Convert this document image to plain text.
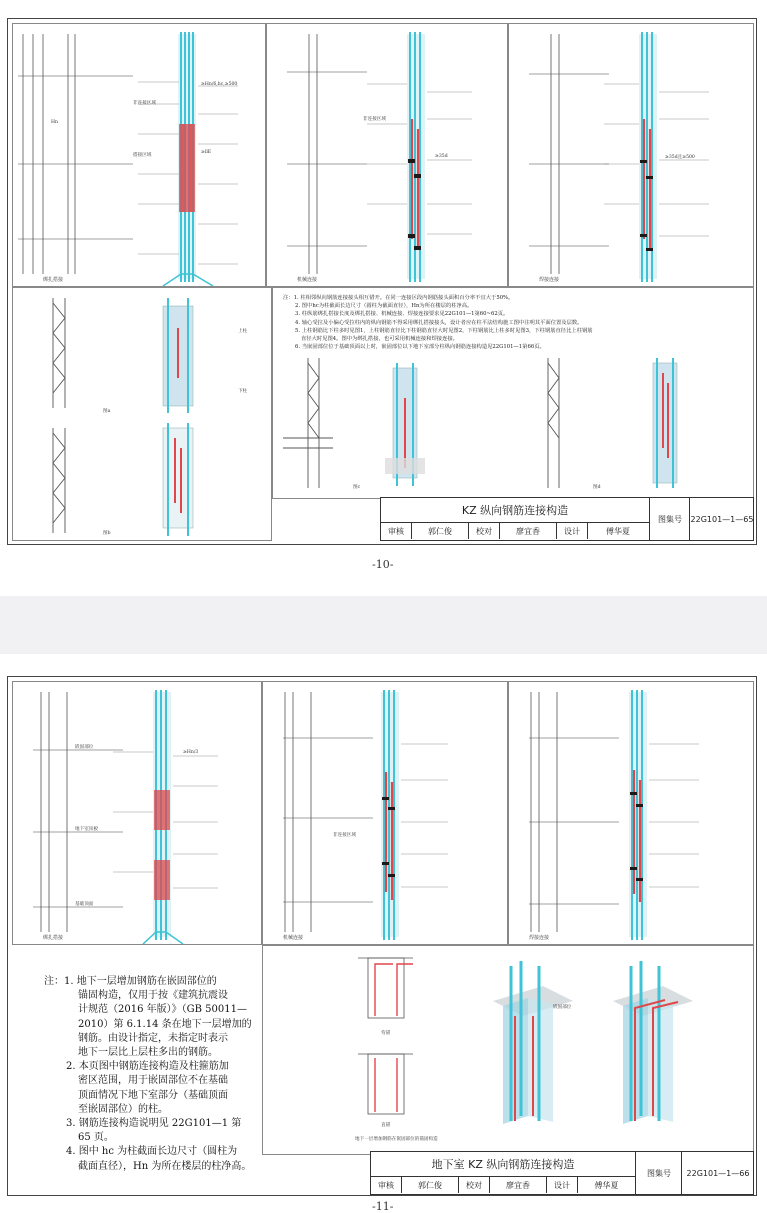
非连接区域
搭接区域
≥Hn/6,hc,≥500
≥llE
Hn
绑扎搭接
非连接区域
≥35d
机械连接
≥35d且≥500
焊接连接
上柱
下柱
图a
图b
注：1. 柱相邻纵向钢筋连接接头相互错开。在同一连接区段内钢筋接头面积百分率不宜大于50%。
2. 图中hc为柱截面长边尺寸（圆柱为截面直径），Hn为所在楼层的柱净高。
3. 柱纵筋绑扎搭接长度及绑扎搭接、机械连接、焊接连接要求见22G101—1第60~62页。
4. 轴心受拉及小偏心受拉柱内的纵向钢筋不得采用绑扎搭接接头，设计者应在柱平法结构施工图中注明其平面位置及层数。
5. 上柱钢筋比下柱多时见图1，上柱钢筋直径比下柱钢筋直径大时见图2，下柱钢筋比上柱多时见图3，下柱钢筋直径比上柱钢筋
直径大时见图4。图中为绑扎搭接，也可采用机械连接和焊接连接。
6. 当嵌固部位位于基础顶面以上时，嵌固部位以下地下室部分柱纵向钢筋连接构造见22G101—1第66页。
图c	图d
KZ 纵向钢筋连接构造
图集号	22G101—1—65
审核	郭仁俊	校对	廖宜香	设计	傅华夏
-10-
嵌固部位
地下室顶板
基础顶面
≥Hn/3
绑扎搭接
非连接区域
机械连接	焊接连接
注：1. 地下一层增加钢筋在嵌固部位的
锚固构造，仅用于按《建筑抗震设
计规范（2016 年版）》（GB 50011—
2010）第 6.1.14 条在地下一层增加的
钢筋。由设计指定，未指定时表示
地下一层比上层柱多出的钢筋。
2. 本页图中钢筋连接构造及柱箍筋加
密区范围，用于嵌固部位不在基础
顶面情况下地下室部分（基础顶面
至嵌固部位）的柱。
3. 钢筋连接构造说明见 22G101—1 第
65 页。
4. 图中 hc 为柱截面长边尺寸（圆柱为
截面直径），Hn 为所在楼层的柱净高。
弯锚
直锚
地下一层增加钢筋在嵌固部位的锚固构造
嵌固部位
地下室 KZ 纵向钢筋连接构造
图集号	22G101—1—66
审核	郭仁俊	校对	廖宜香	设计	傅华夏
-11-
